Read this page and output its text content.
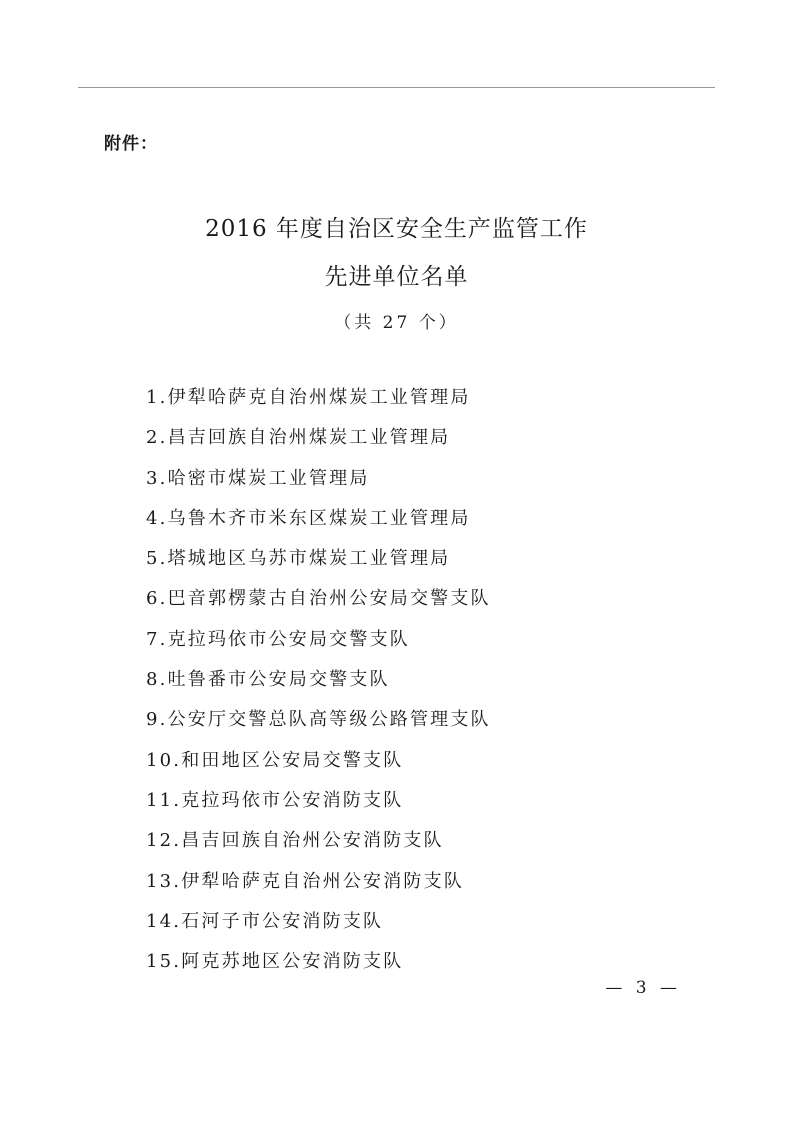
附件：
2016 年度自治区安全生产监管工作
先进单位名单
（共 27 个）
1.伊犁哈萨克自治州煤炭工业管理局
2.昌吉回族自治州煤炭工业管理局
3.哈密市煤炭工业管理局
4.乌鲁木齐市米东区煤炭工业管理局
5.塔城地区乌苏市煤炭工业管理局
6.巴音郭楞蒙古自治州公安局交警支队
7.克拉玛依市公安局交警支队
8.吐鲁番市公安局交警支队
9.公安厅交警总队高等级公路管理支队
10.和田地区公安局交警支队
11.克拉玛依市公安消防支队
12.昌吉回族自治州公安消防支队
13.伊犁哈萨克自治州公安消防支队
14.石河子市公安消防支队
15.阿克苏地区公安消防支队
— 3 —
